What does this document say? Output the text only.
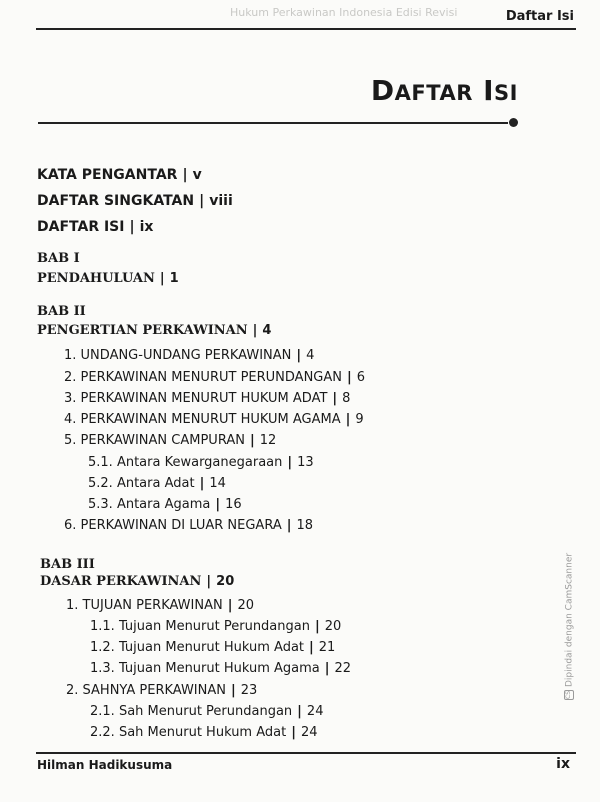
Hukum Perkawinan Indonesia Edisi Revisi	Daftar Isi
DAFTAR ISI
KATA PENGANTAR | v
DAFTAR SINGKATAN | viii
DAFTAR ISI | ix
BAB I
PENDAHULUAN | 1
BAB II
PENGERTIAN PERKAWINAN | 4
1. UNDANG-UNDANG PERKAWINAN | 4
2. PERKAWINAN MENURUT PERUNDANGAN | 6
3. PERKAWINAN MENURUT HUKUM ADAT | 8
4. PERKAWINAN MENURUT HUKUM AGAMA | 9
5. PERKAWINAN CAMPURAN | 12
5.1. Antara Kewarganegaraan | 13
5.2. Antara Adat | 14
5.3. Antara Agama | 16
6. PERKAWINAN DI LUAR NEGARA | 18
BAB III
DASAR PERKAWINAN | 20
1. TUJUAN PERKAWINAN | 20
1.1. Tujuan Menurut Perundangan | 20
1.2. Tujuan Menurut Hukum Adat | 21
1.3. Tujuan Menurut Hukum Agama | 22
2. SAHNYA PERKAWINAN | 23
2.1. Sah Menurut Perundangan | 24
2.2. Sah Menurut Hukum Adat | 24
Hilman Hadikusuma	ix
CSDipindai dengan CamScanner
